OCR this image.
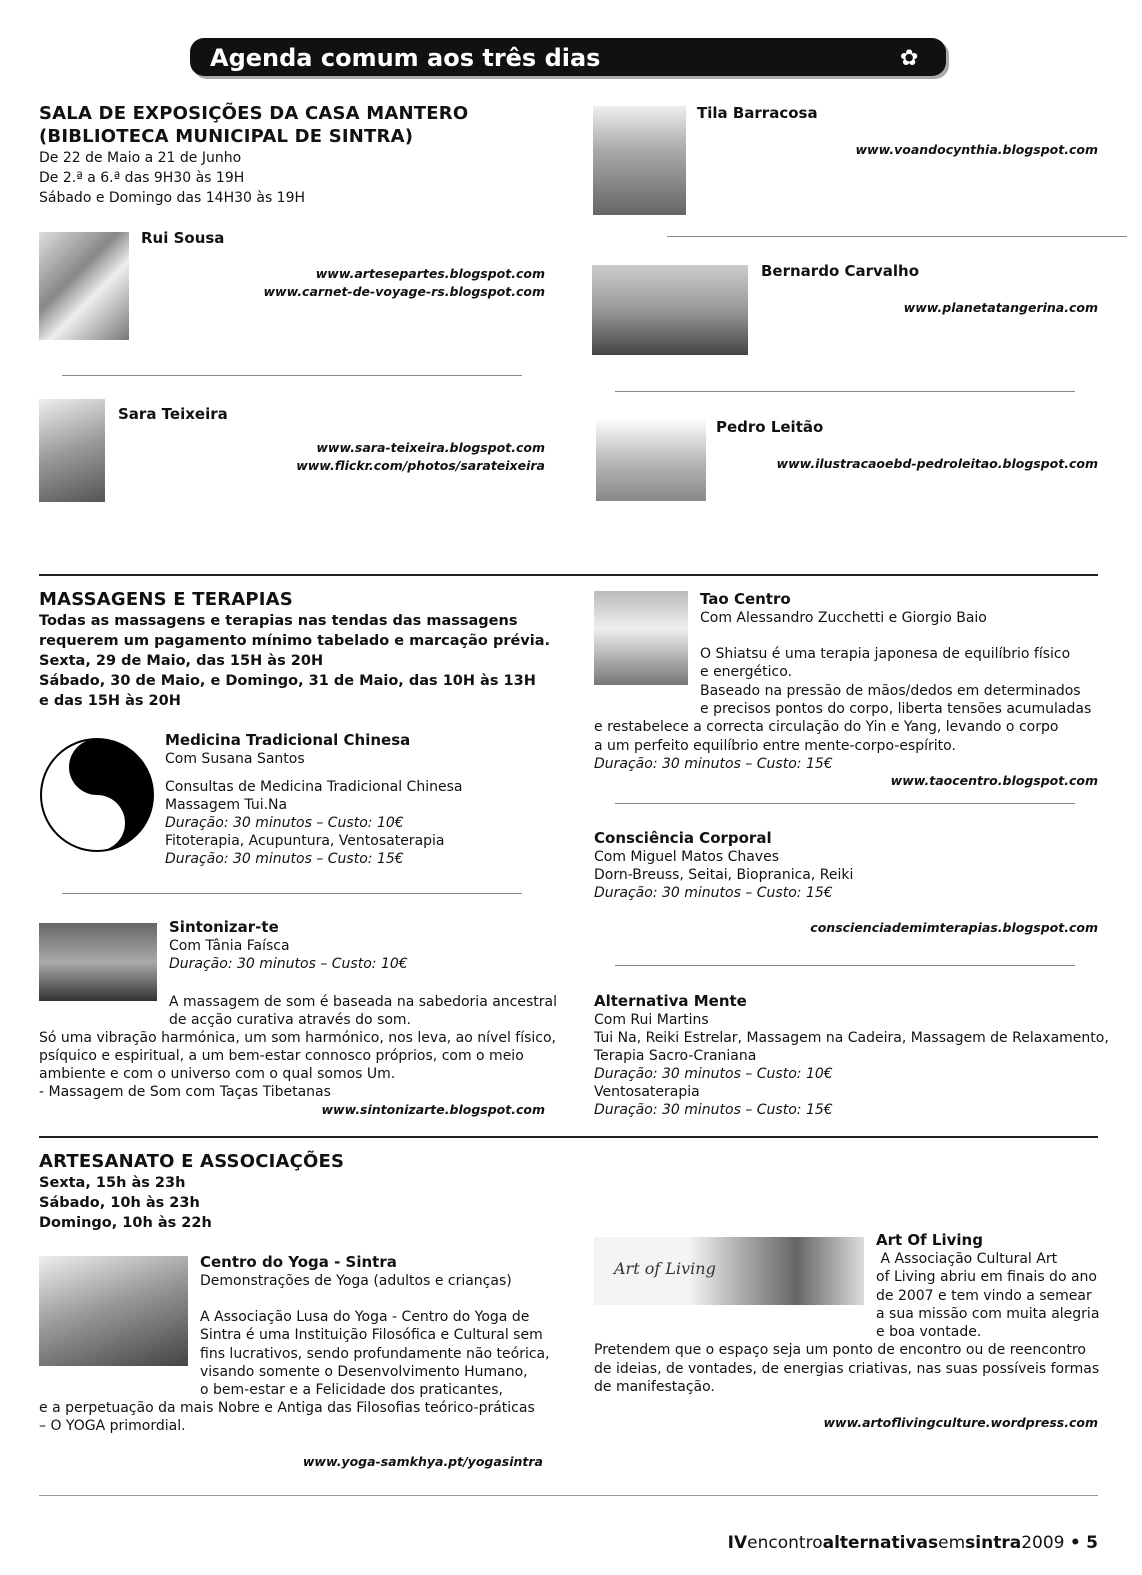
Agenda comum aos três dias	✿
SALA DE EXPOSIÇÕES DA CASA MANTERO
(BIBLIOTECA MUNICIPAL DE SINTRA)
De 22 de Maio a 21 de Junho
De 2.ª a 6.ª das 9H30 às 19H
Sábado e Domingo das 14H30 às 19H
Rui Sousa
www.artesepartes.blogspot.com
www.carnet-de-voyage-rs.blogspot.com
Sara Teixeira
www.sara-teixeira.blogspot.com
www.flickr.com/photos/sarateixeira
Tila Barracosa
www.voandocynthia.blogspot.com
Bernardo Carvalho
www.planetatangerina.com
Pedro Leitão
www.ilustracaoebd-pedroleitao.blogspot.com
MASSAGENS E TERAPIAS
Todas as massagens e terapias nas tendas das massagens
requerem um pagamento mínimo tabelado e marcação prévia.
Sexta, 29 de Maio, das 15H às 20H
Sábado, 30 de Maio, e Domingo, 31 de Maio, das 10H às 13H
e das 15H às 20H
Medicina Tradicional Chinesa
Com Susana Santos
Consultas de Medicina Tradicional Chinesa
Massagem Tui.Na
Duração: 30 minutos – Custo: 10€
Fitoterapia, Acupuntura, Ventosaterapia
Duração: 30 minutos – Custo: 15€
Sintonizar-te
Com Tânia Faísca
Duração: 30 minutos – Custo: 10€
A massagem de som é baseada na sabedoria ancestral
de acção curativa através do som.
Só uma vibração harmónica, um som harmónico, nos leva, ao nível físico,
psíquico e espiritual, a um bem-estar connosco próprios, com o meio
ambiente e com o universo com o qual somos Um.
- Massagem de Som com Taças Tibetanas
www.sintonizarte.blogspot.com
Tao Centro
Com Alessandro Zucchetti e Giorgio Baio
O Shiatsu é uma terapia japonesa de equilíbrio físico
e energético.
Baseado na pressão de mãos/dedos em determinados
e precisos pontos do corpo, liberta tensões acumuladas
e restabelece a correcta circulação do Yin e Yang, levando o corpo
a um perfeito equilíbrio entre mente-corpo-espírito.
Duração: 30 minutos – Custo: 15€
www.taocentro.blogspot.com
Consciência Corporal
Com Miguel Matos Chaves
Dorn-Breuss, Seitai, Biopranica, Reiki
Duração: 30 minutos – Custo: 15€
conscienciademimterapias.blogspot.com
Alternativa Mente
Com Rui Martins
Tui Na, Reiki Estrelar, Massagem na Cadeira, Massagem de Relaxamento,
Terapia Sacro-Craniana
Duração: 30 minutos – Custo: 10€
Ventosaterapia
Duração: 30 minutos – Custo: 15€
ARTESANATO E ASSOCIAÇÕES
Sexta, 15h às 23h
Sábado, 10h às 23h
Domingo, 10h às 22h
Centro do Yoga - Sintra
Demonstrações de Yoga (adultos e crianças)
A Associação Lusa do Yoga - Centro do Yoga de
Sintra é uma Instituição Filosófica e Cultural sem
fins lucrativos, sendo profundamente não teórica,
visando somente o Desenvolvimento Humano,
o bem-estar e a Felicidade dos praticantes,
e a perpetuação da mais Nobre e Antiga das Filosofias teórico-práticas
– O YOGA primordial.
www.yoga-samkhya.pt/yogasintra
Art of Living
Art Of Living
A Associação Cultural Art
of Living abriu em finais do ano
de 2007 e tem vindo a semear
a sua missão com muita alegria
e boa vontade.
Pretendem que o espaço seja um ponto de encontro ou de reencontro
de ideias, de vontades, de energias criativas, nas suas possíveis formas
de manifestação.
www.artoflivingculture.wordpress.com
IVencontroalternativasemsintra2009 • 5
